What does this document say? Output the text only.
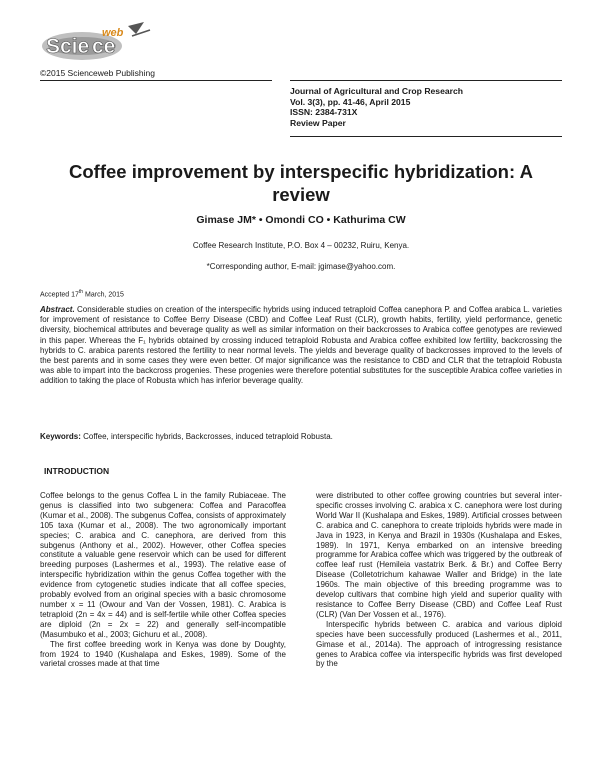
Scie ce
web
©2015 Scienceweb Publishing
Journal of Agricultural and Crop Research
Vol. 3(3), pp. 41-46, April 2015
ISSN: 2384-731X
Review Paper
Coffee improvement by interspecific hybridization: A review
Gimase JM* • Omondi CO • Kathurima CW
Coffee Research Institute, P.O. Box 4 – 00232, Ruiru, Kenya.
*Corresponding author, E-mail: jgimase@yahoo.com.
Accepted 17th March, 2015
Abstract. Considerable studies on creation of the interspecific hybrids using induced tetraploid Coffea canephora P. and Coffea arabica L. varieties for improvement of resistance to Coffee Berry Disease (CBD) and Coffee Leaf Rust (CLR), growth habits, fertility, yield performance, genetic diversity, biochemical attributes and beverage quality as well as similar information on their backcrosses to Arabica coffee genotypes are reviewed in this paper. Whereas the F₁ hybrids obtained by crossing induced tetraploid Robusta and Arabica coffee exhibited low fertility, backcrossing the hybrids to C. arabica parents restored the fertility to near normal levels. The yields and beverage quality of backcrosses improved to the levels of the best parents and in some cases they were even better. Of major significance was the resistance to CBD and CLR that the tetraploid Robusta was able to impart into the backcross progenies. These progenies were therefore potential substitutes for the susceptible Arabica coffee varieties in addition to taking the place of Robusta which has inferior beverage quality.
Keywords: Coffee, interspecific hybrids, Backcrosses, induced tetraploid Robusta.
INTRODUCTION

Coffee belongs to the genus Coffea L in the family Rubiaceae. The genus is classified into two subgenera: Coffea and Paracoffea (Kumar et al., 2008). The subgenus Coffea, consists of approximately 105 taxa (Kumar et al., 2008). The two agronomically important species; C. arabica and C. canephora, are derived from this subgenus (Anthony et al., 2002). However, other Coffea species constitute a valuable gene reservoir which can be used for different breeding purposes (Lashermes et al., 1993). The relative ease of interspecific hybridization within the genus Coffea together with the evidence from cytogenetic studies indicate that all coffee species, probably evolved from an original species with a basic chromosome number x = 11 (Owour and Van der Vossen, 1981). C. Arabica is tetraploid (2n = 4x = 44) and is self-fertile while other Coffea species are diploid (2n = 2x = 22) and generally self-incompatible (Masumbuko et al., 2003; Gichuru et al., 2008).

The first coffee breeding work in Kenya was done by Doughty, from 1924 to 1940 (Kushalapa and Eskes, 1989). Some of the varietal crosses made at that time

were distributed to other coffee growing countries but several inter-specific crosses involving C. arabica x C. canephora were lost during World War II (Kushalapa and Eskes, 1989). Artificial crosses between C. arabica and C. canephora to create triploids hybrids were made in Java in 1923, in Kenya and Brazil in 1930s (Kushalapa and Eskes, 1989). In 1971, Kenya embarked on an intensive breeding programme for Arabica coffee which was triggered by the outbreak of coffee leaf rust (Hemileia vastatrix Berk. & Br.) and Coffee Berry Disease (Colletotrichum kahawae Waller and Bridge) in the late 1960s. The main objective of this breeding programme was to develop cultivars that combine high yield and superior quality with resistance to Coffee Berry Disease (CBD) and Coffee Leaf Rust (CLR) (Van Der Vossen et al., 1976).

Interspecific hybrids between C. arabica and various diploid species have been successfully produced (Lashermes et al., 2011, Gimase et al., 2014a). The approach of introgressing resistance genes to Arabica coffee via interspecific hybrids was first developed by the
